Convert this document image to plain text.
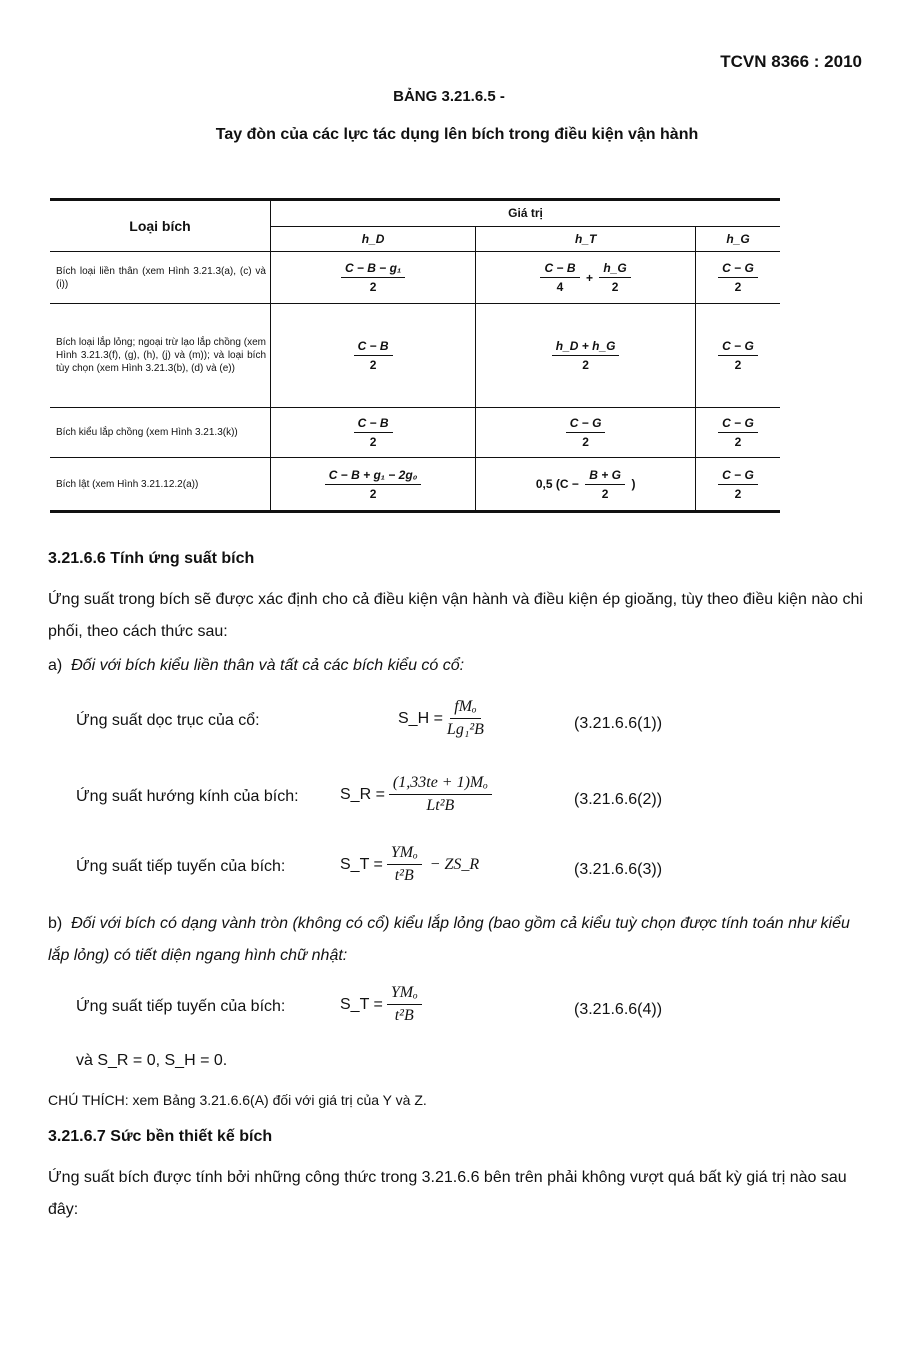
TCVN 8366 : 2010
BẢNG 3.21.6.5 -
Tay đòn của các lực tác dụng lên bích trong điều kiện vận hành
Loại bích	Giá trị		
	h_D	h_T	h_G
Bích loại liền thân (xem Hình 3.21.3(a), (c) và (i))	$\frac{\text{C − B − g₁}}{2}$	$\frac{C - B}{4} + \frac{h\_G}{2}$	$\frac{C - G}{2}$

Bích loại lắp lỏng; ngoại trừ lạo lắp chồng (xem Hình 3.21.3(f), (g), (h), (j) và (m)); và loại bích tùy chọn (xem Hình 3.21.3(b), (d) và (e))	$\frac{C - B}{2}$	$\frac{h\_D + h\_G}{2}$	$\frac{C - G}{2}$

Bích kiểu lắp chồng (xem Hình 3.21.3(k))	$\frac{C - B}{2}$	$\frac{C - G}{2}$	$\frac{C - G}{2}$

Bích lật (xem Hình 3.21.12.2(a))	$\frac{\text{C − B + g₁ − 2g₀}}{2}$	0,5 ($C - \frac{B + G}{2}$ )	$\frac{C - G}{2}$
3.21.6.6 Tính ứng suất bích
Ứng suất trong bích sẽ được xác định cho cả điều kiện vận hành và điều kiện ép gioăng, tùy theo điều kiện nào chi phối, theo cách thức sau:
a) Đối với bích kiểu liền thân và tất cả các bích kiểu có cổ:
Ứng suất dọc trục của cổ:	S_H =
fMₒ
Lg₁²B	(3.21.6.6(1))
Ứng suất hướng kính của bích:	S_R = $\frac{\text{(1,33te + 1)Mₒ}}{\text{Lt²B}}$	(3.21.6.6(2))
Ứng suất tiếp tuyến của bích:	S_T =
YMₒ
t²B
− ZS_R	(3.21.6.6(3))
b) Đối với bích có dạng vành tròn (không có cổ) kiểu lắp lỏng (bao gồm cả kiểu tuỳ chọn được tính toán như kiểu lắp lỏng) có tiết diện ngang hình chữ nhật:
Ứng suất tiếp tuyến của bích:	S_T =
YMₒ
t²B	(3.21.6.6(4))
và S_R = 0, S_H = 0.
CHÚ THÍCH: xem Bảng 3.21.6.6(A) đối với giá trị của Y và Z.
3.21.6.7 Sức bền thiết kế bích
Ứng suất bích được tính bởi những công thức trong 3.21.6.6 bên trên phải không vượt quá bất kỳ giá trị nào sau đây:
